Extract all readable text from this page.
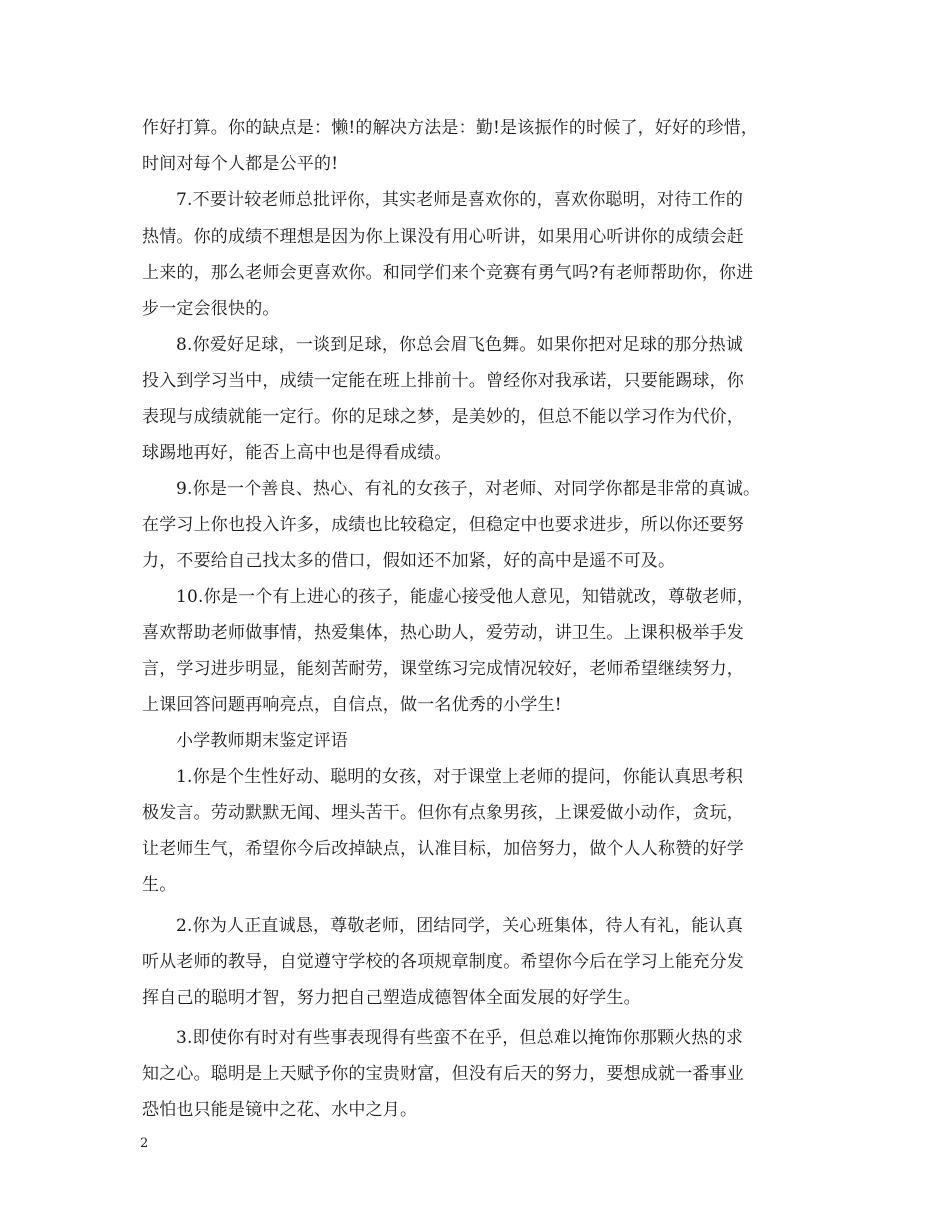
作好打算。你的缺点是：懒!的解决方法是：勤!是该振作的时候了，好好的珍惜，
时间对每个人都是公平的!
7.不要计较老师总批评你，其实老师是喜欢你的，喜欢你聪明，对待工作的
热情。你的成绩不理想是因为你上课没有用心听讲，如果用心听讲你的成绩会赶
上来的，那么老师会更喜欢你。和同学们来个竞赛有勇气吗?有老师帮助你，你进
步一定会很快的。
8.你爱好足球，一谈到足球，你总会眉飞色舞。如果你把对足球的那分热诚
投入到学习当中，成绩一定能在班上排前十。曾经你对我承诺，只要能踢球，你
表现与成绩就能一定行。你的足球之梦，是美妙的，但总不能以学习作为代价，
球踢地再好，能否上高中也是得看成绩。
9.你是一个善良、热心、有礼的女孩子，对老师、对同学你都是非常的真诚。
在学习上你也投入许多，成绩也比较稳定，但稳定中也要求进步，所以你还要努
力，不要给自己找太多的借口，假如还不加紧，好的高中是遥不可及。
10.你是一个有上进心的孩子，能虚心接受他人意见，知错就改，尊敬老师，
喜欢帮助老师做事情，热爱集体，热心助人，爱劳动，讲卫生。上课积极举手发
言，学习进步明显，能刻苦耐劳，课堂练习完成情况较好，老师希望继续努力，
上课回答问题再响亮点，自信点，做一名优秀的小学生!
小学教师期末鉴定评语
1.你是个生性好动、聪明的女孩，对于课堂上老师的提问，你能认真思考积
极发言。劳动默默无闻、埋头苦干。但你有点象男孩，上课爱做小动作，贪玩，
让老师生气，希望你今后改掉缺点，认准目标，加倍努力，做个人人称赞的好学
生。
2.你为人正直诚恳，尊敬老师，团结同学，关心班集体，待人有礼，能认真
听从老师的教导，自觉遵守学校的各项规章制度。希望你今后在学习上能充分发
挥自己的聪明才智，努力把自己塑造成德智体全面发展的好学生。
3.即使你有时对有些事表现得有些蛮不在乎，但总难以掩饰你那颗火热的求
知之心。聪明是上天赋予你的宝贵财富，但没有后天的努力，要想成就一番事业
恐怕也只能是镜中之花、水中之月。
2
